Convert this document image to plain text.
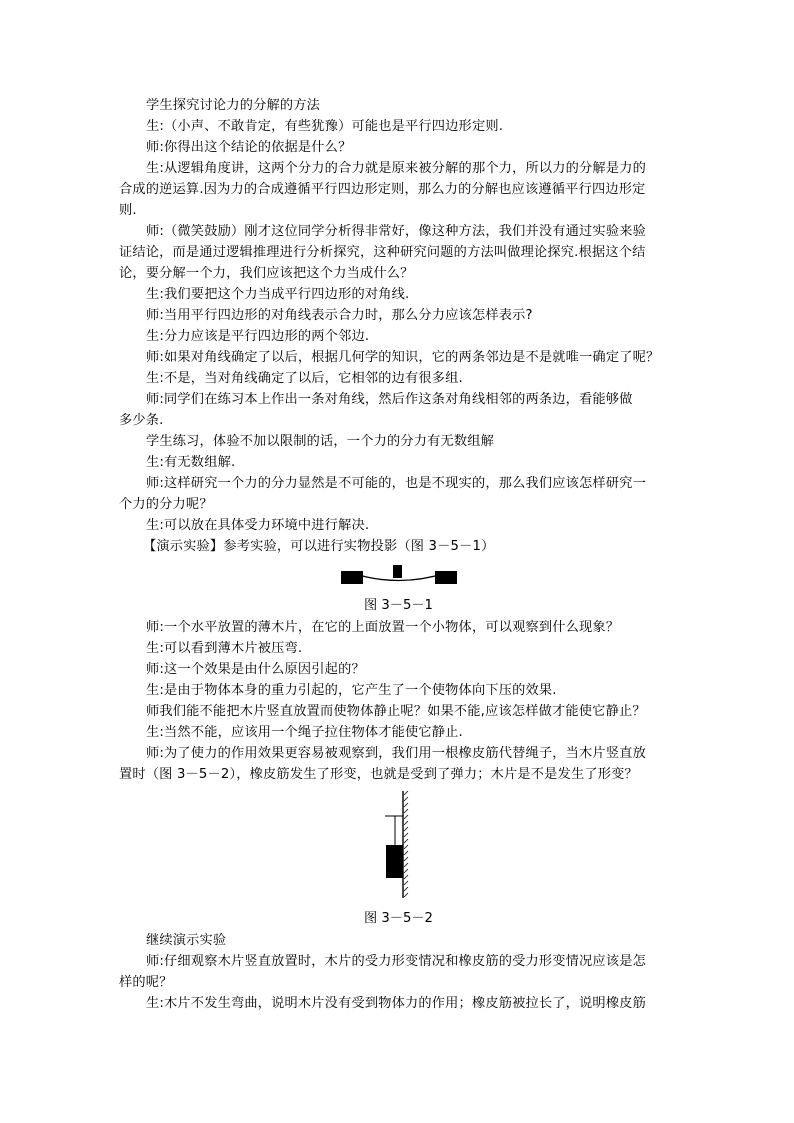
学生探究讨论力的分解的方法
生:（小声、不敢肯定，有些犹豫）可能也是平行四边形定则.
师:你得出这个结论的依据是什么？
生:从逻辑角度讲，这两个分力的合力就是原来被分解的那个力，所以力的分解是力的
合成的逆运算.因为力的合成遵循平行四边形定则，那么力的分解也应该遵循平行四边形定
则.
师:（微笑鼓励）刚才这位同学分析得非常好，像这种方法，我们并没有通过实验来验
证结论，而是通过逻辑推理进行分析探究，这种研究问题的方法叫做理论探究.根据这个结
论，要分解一个力，我们应该把这个力当成什么？
生:我们要把这个力当成平行四边形的对角线.
师:当用平行四边形的对角线表示合力时，那么分力应该怎样表示?
生:分力应该是平行四边形的两个邻边.
师:如果对角线确定了以后，根据几何学的知识，它的两条邻边是不是就唯一确定了呢？
生:不是，当对角线确定了以后，它相邻的边有很多组.
师:同学们在练习本上作出一条对角线，然后作这条对角线相邻的两条边，看能够做
多少条.
学生练习，体验不加以限制的话，一个力的分力有无数组解
生:有无数组解.
师:这样研究一个力的分力显然是不可能的，也是不现实的，那么我们应该怎样研究一
个力的分力呢？
生:可以放在具体受力环境中进行解决.
【演示实验】参考实验，可以进行实物投影（图 3－5－1）
图 3－5－1
师:一个水平放置的薄木片，在它的上面放置一个小物体，可以观察到什么现象？
生:可以看到薄木片被压弯.
师:这一个效果是由什么原因引起的？
生:是由于物体本身的重力引起的，它产生了一个使物体向下压的效果.
师我们能不能把木片竖直放置而使物体静止呢？如果不能,应该怎样做才能使它静止？
生:当然不能，应该用一个绳子拉住物体才能使它静止.
师:为了使力的作用效果更容易被观察到，我们用一根橡皮筋代替绳子，当木片竖直放
置时（图 3－5－2），橡皮筋发生了形变，也就是受到了弹力；木片是不是发生了形变？
图 3－5－2
继续演示实验
师:仔细观察木片竖直放置时，木片的受力形变情况和橡皮筋的受力形变情况应该是怎
样的呢？
生:木片不发生弯曲，说明木片没有受到物体力的作用；橡皮筋被拉长了，说明橡皮筋
